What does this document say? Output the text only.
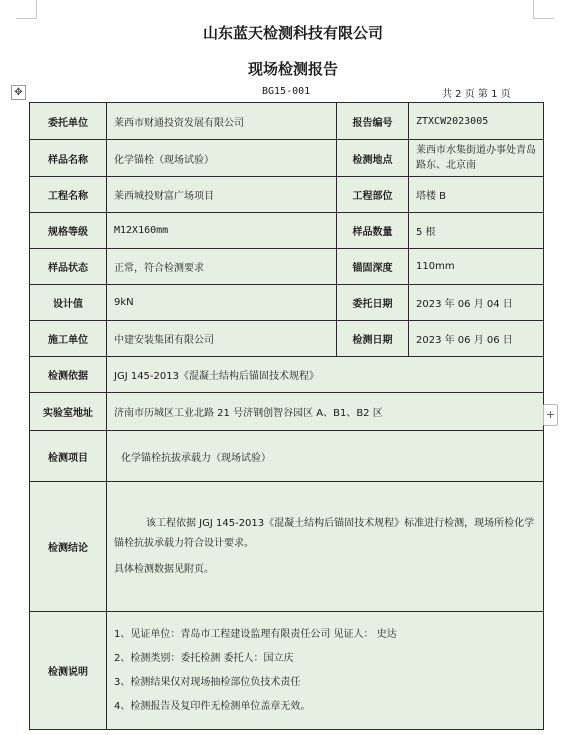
山东蓝天检测科技有限公司
现场检测报告
✥	BG15-001	共 2 页 第 1 页
委托单位	莱西市财通投资发展有限公司	报告编号	ZTXCW2023005
样品名称	化学锚栓（现场试验）	检测地点	莱西市水集街道办事处青岛路东、北京南
工程名称	莱西城投财富广场项目	工程部位	塔楼 B
规格等级	M12X160mm	样品数量	5 根
样品状态	正常，符合检测要求	锚固深度	110mm
设计值	9kN	委托日期	2023 年 06 月 04 日
施工单位	中建安装集团有限公司	检测日期	2023 年 06 月 06 日
检测依据	JGJ 145-2013《混凝土结构后锚固技术规程》		
实验室地址	济南市历城区工业北路 21 号济钢创智谷园区 A、B1、B2 区		
检测项目	化学锚栓抗拔承载力（现场试验）		
检测结论	该工程依据 JGJ 145-2013《混凝土结构后锚固技术规程》标准进行检测，现场所检化学锚栓抗拔承载力符合设计要求。

具体检测数据见附页。		

检测说明	1、见证单位：青岛市工程建设监理有限责任公司 见证人： 史达

2、检测类别：委托检测 委托人：国立庆

3、检测结果仅对现场抽检部位负技术责任

4、检测报告及复印件无检测单位盖章无效。		

+
